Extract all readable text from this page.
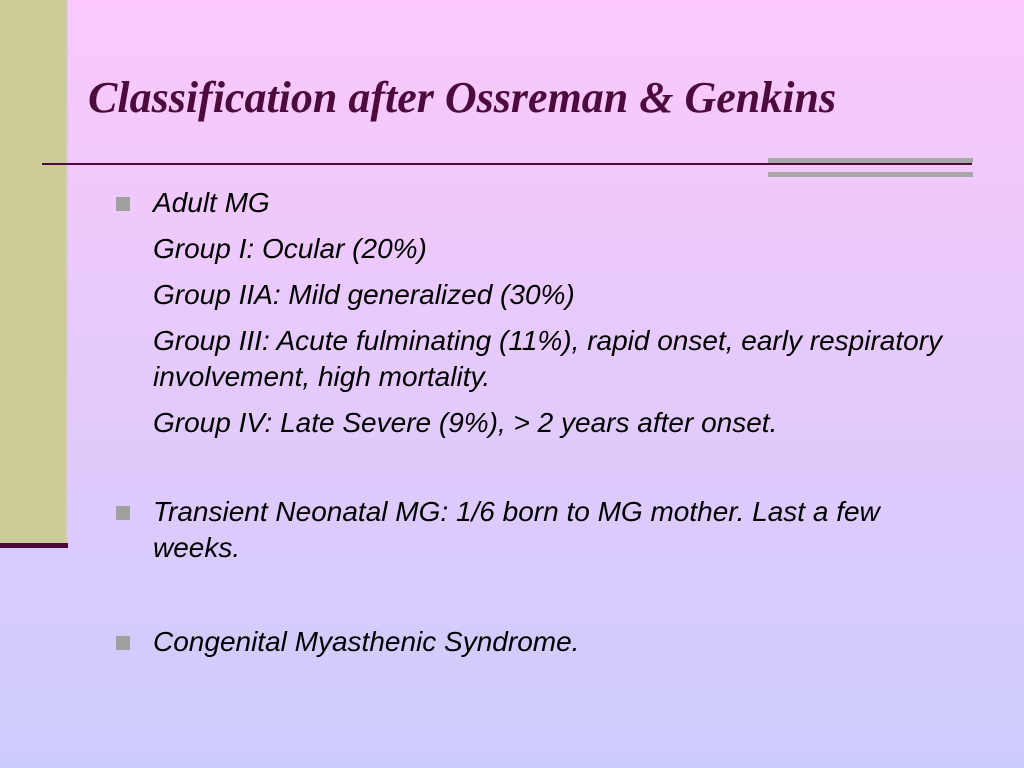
Classification after Ossreman & Genkins
Adult MG
Group I: Ocular (20%)
Group IIA: Mild generalized (30%)
Group III: Acute fulminating (11%), rapid onset, early respiratory involvement, high mortality.
Group IV: Late Severe (9%), > 2 years after onset.
Transient Neonatal MG: 1/6 born to MG mother. Last a few weeks.
Congenital Myasthenic Syndrome.
